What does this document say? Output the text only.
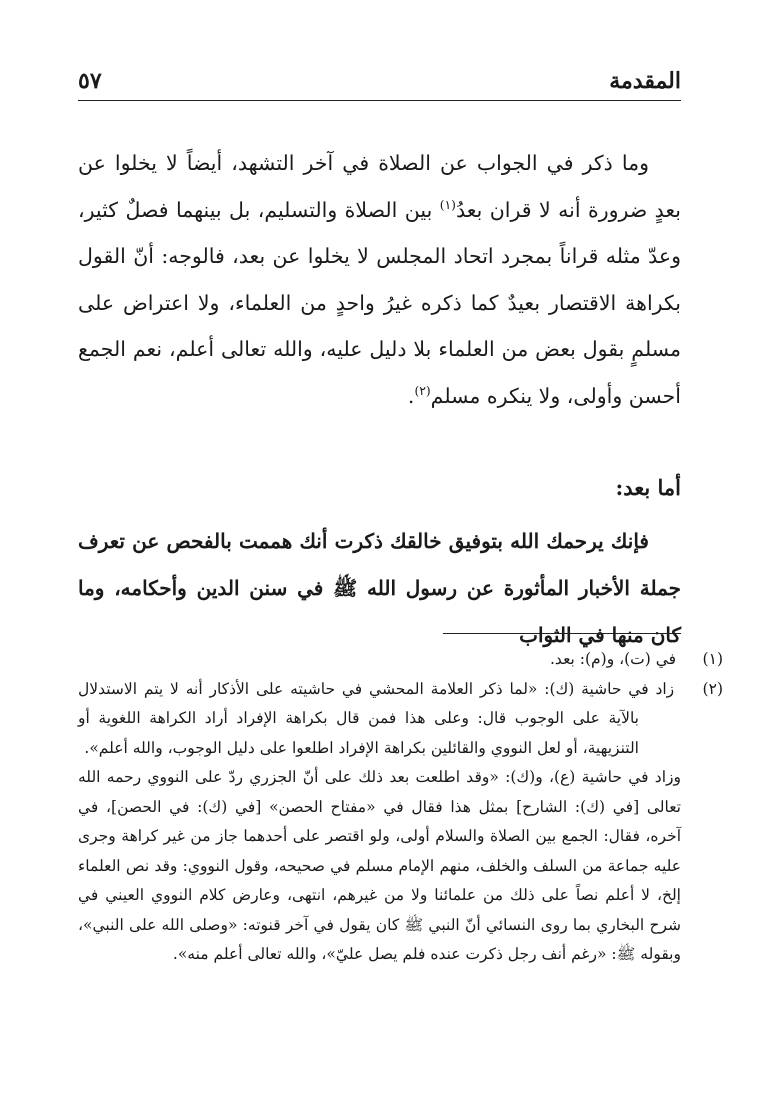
المقدمة
٥٧

وما ذكر في الجواب عن الصلاة في آخر التشهد، أيضاً لا يخلوا عن بعدٍ ضرورة أنه لا قران بعدُ$^{(١)}$ بين الصلاة والتسليم، بل بينهما فصلٌ كثير، وعدّ مثله قراناً بمجرد اتحاد المجلس لا يخلوا عن بعد، فالوجه: أنّ القول بكراهة الاقتصار بعيدٌ كما ذكره غيرُ واحدٍ من العلماء، ولا اعتراض على مسلمٍ بقول بعض من العلماء بلا دليل عليه، والله تعالى أعلم، نعم الجمع أحسن وأولى، ولا ينكره مسلم$^{(٢)}$.

أما بعد:

فإنك يرحمك الله بتوفيق خالقك ذكرت أنك هممت بالفحص عن تعرف جملة الأخبار المأثورة عن رسول الله ﷺ في سنن الدين وأحكامه، وما كان منها في الثواب

(١) في (ت)، و(م): بعد.

(٢) زاد في حاشية (ك): «لما ذكر العلامة المحشي في حاشيته على الأذكار أنه لا يتم الاستدلال بالآية على الوجوب قال: وعلى هذا فمن قال بكراهة الإفراد أراد الكراهة اللغوية أو التنزيهية، أو لعل النووي والقائلين بكراهة الإفراد اطلعوا على دليل الوجوب، والله أعلم».

وزاد في حاشية (ع)، و(ك): «وقد اطلعت بعد ذلك على أنّ الجزري ردّ على النووي رحمه الله تعالى [في (ك): الشارح] بمثل هذا فقال في «مفتاح الحصن» [في (ك): في الحصن]، في آخره، فقال: الجمع بين الصلاة والسلام أولى، ولو اقتصر على أحدهما جاز من غير كراهة وجرى عليه جماعة من السلف والخلف، منهم الإمام مسلم في صحيحه، وقول النووي: وقد نص العلماء إلخ، لا أعلم نصاً على ذلك من علمائنا ولا من غيرهم، انتهى، وعارض كلام النووي العيني في شرح البخاري بما روى النسائي أنّ النبي ﷺ كان يقول في آخر قنوته: «وصلى الله على النبي»، وبقوله ﷺ: «رغم أنف رجل ذكرت عنده فلم يصل عليّ»، والله تعالى أعلم منه».
